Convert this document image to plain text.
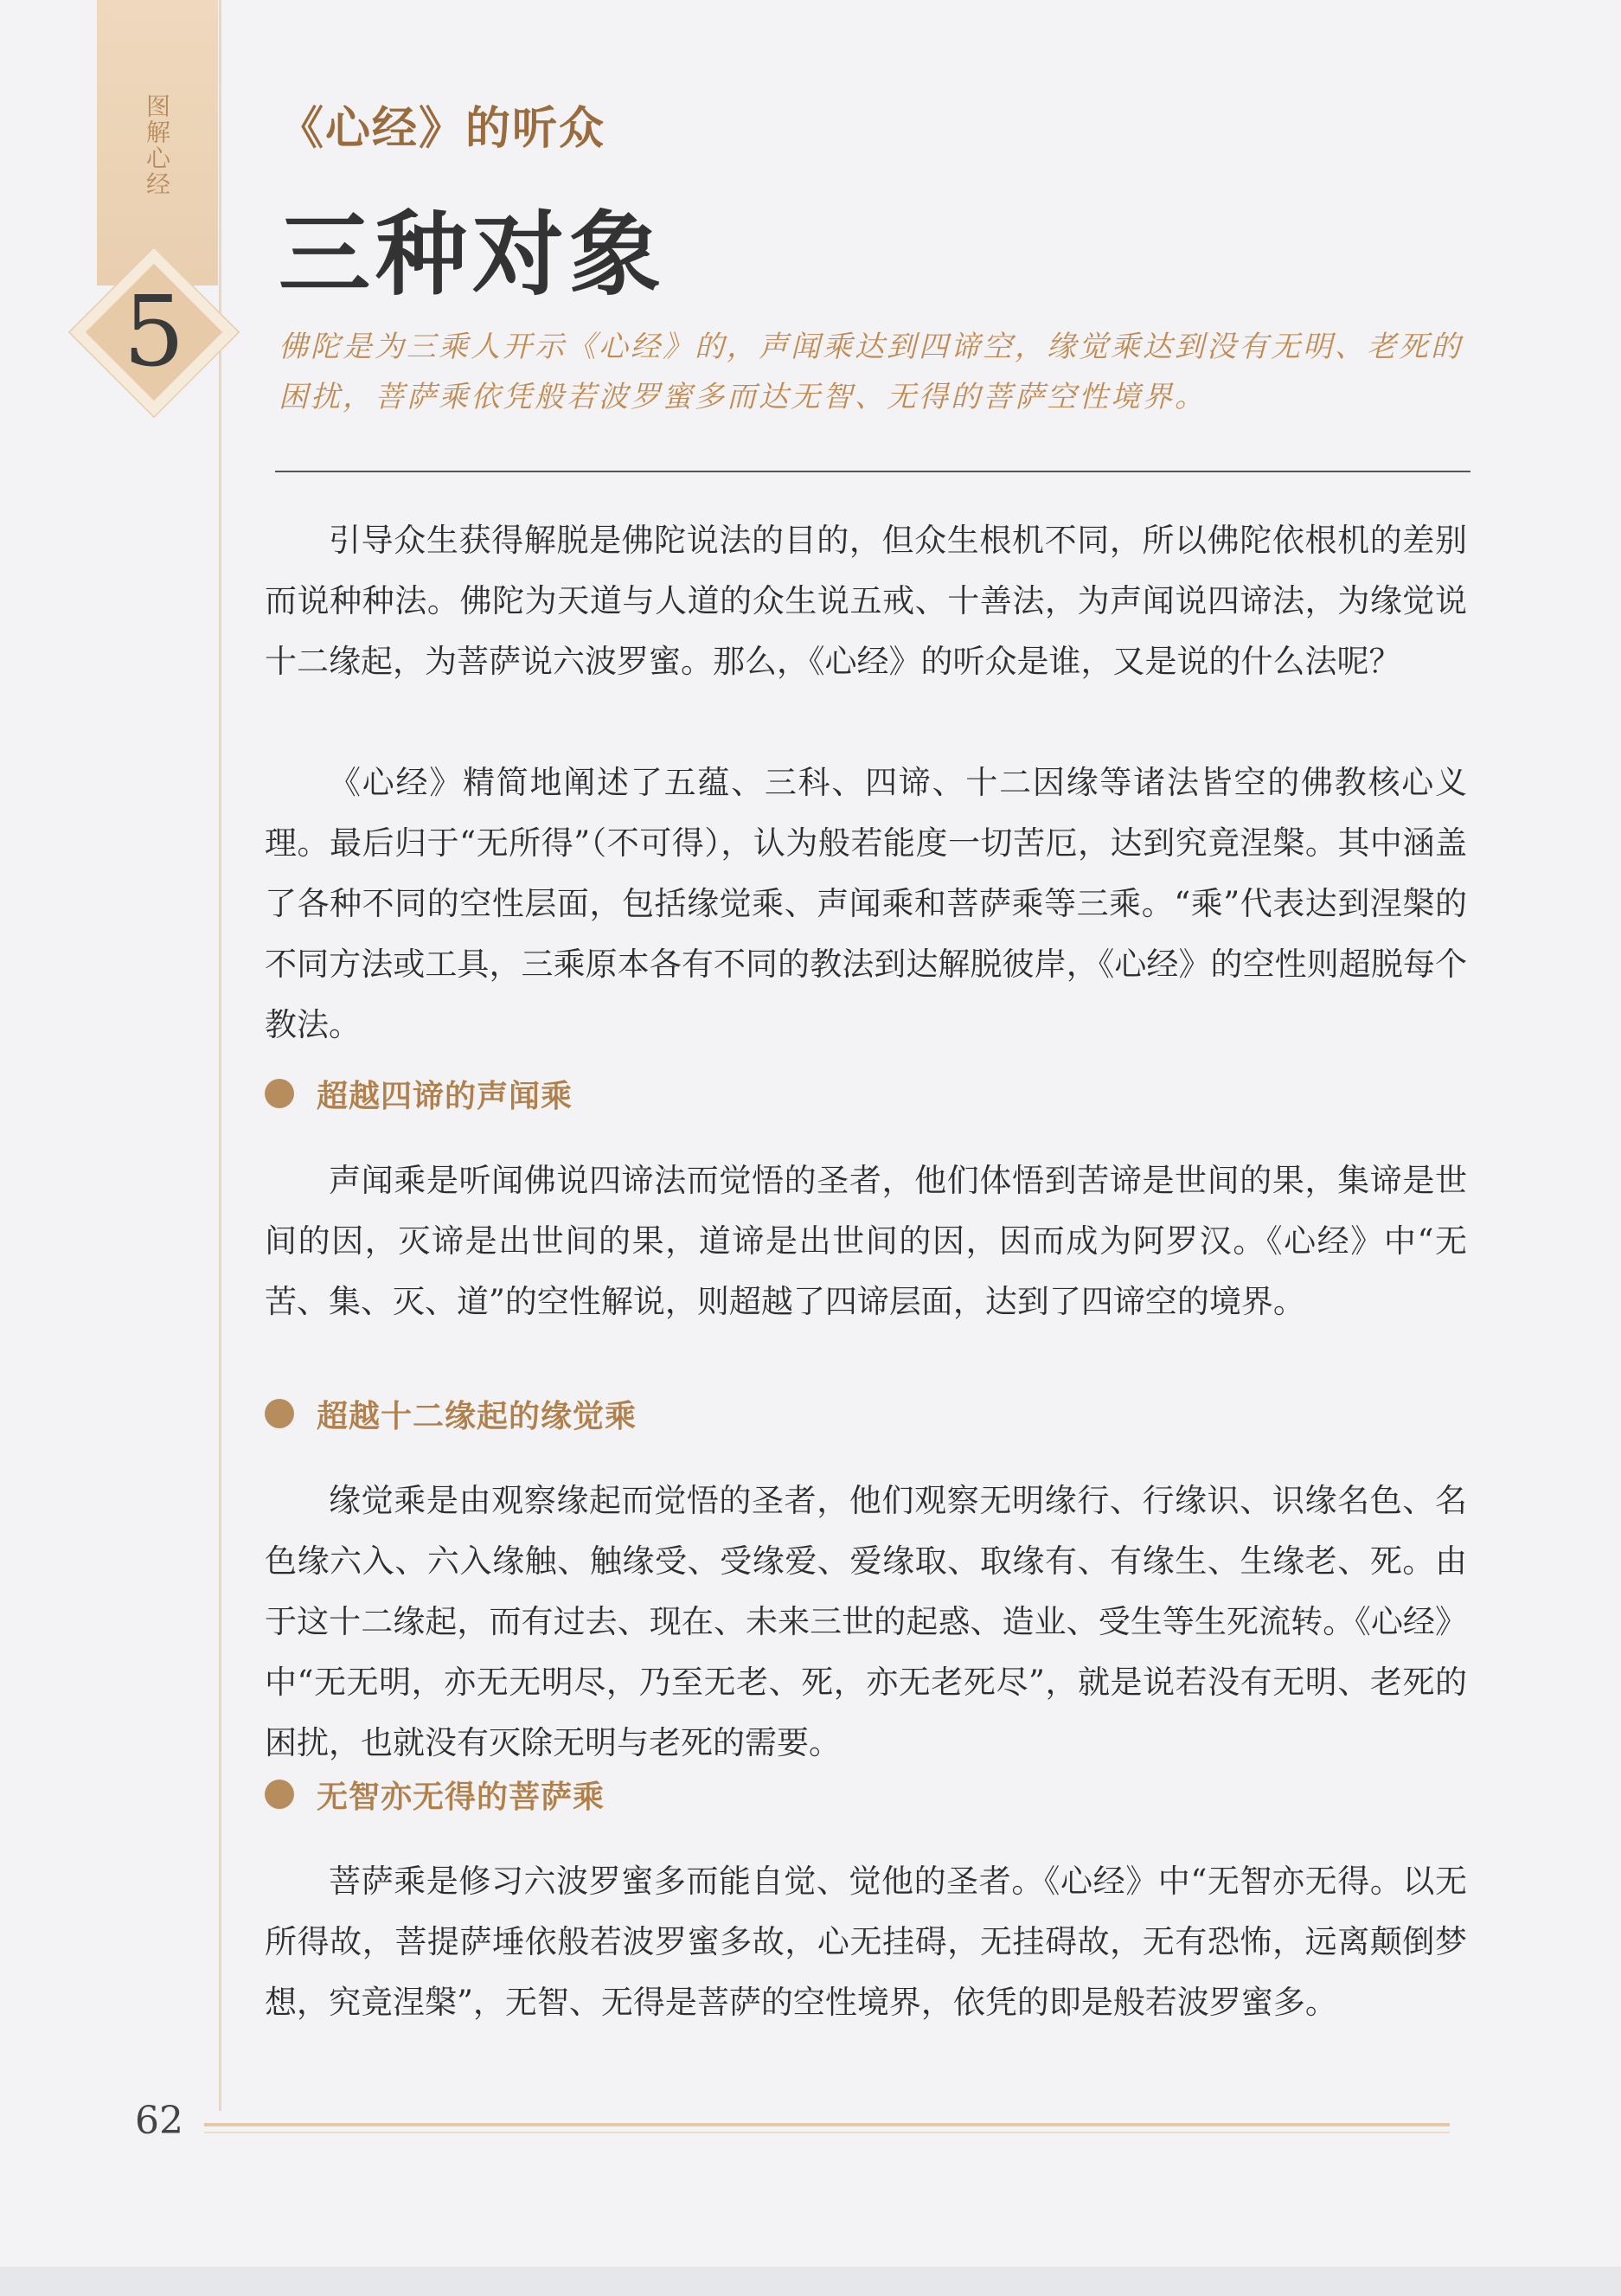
图解心经
5
《心经》的听众
三种对象
佛陀是为三乘人开示《心经》的，声闻乘达到四谛空，缘觉乘达到没有无明、老死的困扰，菩萨乘依凭般若波罗蜜多而达无智、无得的菩萨空性境界。

引导众生获得解脱是佛陀说法的目的，但众生根机不同，所以佛陀依根机的差别而说种种法。佛陀为天道与人道的众生说五戒、十善法，为声闻说四谛法，为缘觉说十二缘起，为菩萨说六波罗蜜。那么，《心经》的听众是谁，又是说的什么法呢？

《心经》精简地阐述了五蕴、三科、四谛、十二因缘等诸法皆空的佛教核心义理。最后归于“无所得”（不可得），认为般若能度一切苦厄，达到究竟涅槃。其中涵盖了各种不同的空性层面，包括缘觉乘、声闻乘和菩萨乘等三乘。“乘”代表达到涅槃的不同方法或工具，三乘原本各有不同的教法到达解脱彼岸，《心经》的空性则超脱每个教法。

超越四谛的声闻乘

声闻乘是听闻佛说四谛法而觉悟的圣者，他们体悟到苦谛是世间的果，集谛是世间的因，灭谛是出世间的果，道谛是出世间的因，因而成为阿罗汉。《心经》中“无苦、集、灭、道”的空性解说，则超越了四谛层面，达到了四谛空的境界。

超越十二缘起的缘觉乘

缘觉乘是由观察缘起而觉悟的圣者，他们观察无明缘行、行缘识、识缘名色、名色缘六入、六入缘触、触缘受、受缘爱、爱缘取、取缘有、有缘生、生缘老、死。由于这十二缘起，而有过去、现在、未来三世的起惑、造业、受生等生死流转。《心经》中“无无明，亦无无明尽，乃至无老、死，亦无老死尽”，就是说若没有无明、老死的困扰，也就没有灭除无明与老死的需要。

无智亦无得的菩萨乘

菩萨乘是修习六波罗蜜多而能自觉、觉他的圣者。《心经》中“无智亦无得。以无所得故，菩提萨埵依般若波罗蜜多故，心无挂碍，无挂碍故，无有恐怖，远离颠倒梦想，究竟涅槃”，无智、无得是菩萨的空性境界，依凭的即是般若波罗蜜多。

62
